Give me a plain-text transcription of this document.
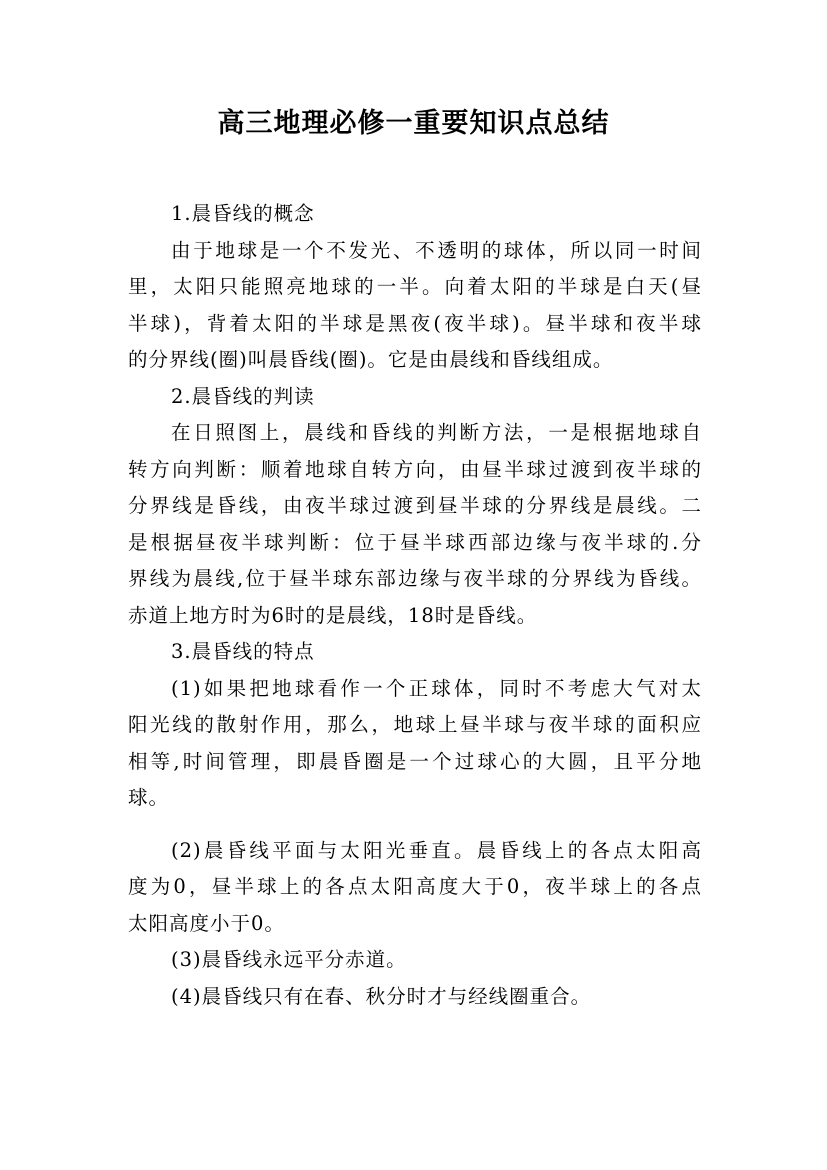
高三地理必修一重要知识点总结
1.晨昏线的概念
由于地球是一个不发光、不透明的球体，所以同一时间
里，太阳只能照亮地球的一半。向着太阳的半球是白天(昼
半球)，背着太阳的半球是黑夜(夜半球)。昼半球和夜半球
的分界线(圈)叫晨昏线(圈)。它是由晨线和昏线组成。
2.晨昏线的判读
在日照图上，晨线和昏线的判断方法，一是根据地球自
转方向判断：顺着地球自转方向，由昼半球过渡到夜半球的
分界线是昏线，由夜半球过渡到昼半球的分界线是晨线。二
是根据昼夜半球判断：位于昼半球西部边缘与夜半球的.分
界线为晨线,位于昼半球东部边缘与夜半球的分界线为昏线。
赤道上地方时为6时的是晨线，18时是昏线。
3.晨昏线的特点
(1)如果把地球看作一个正球体，同时不考虑大气对太
阳光线的散射作用，那么，地球上昼半球与夜半球的面积应
相等,时间管理，即晨昏圈是一个过球心的大圆，且平分地
球。
(2)晨昏线平面与太阳光垂直。晨昏线上的各点太阳高
度为0，昼半球上的各点太阳高度大于0，夜半球上的各点
太阳高度小于0。
(3)晨昏线永远平分赤道。
(4)晨昏线只有在春、秋分时才与经线圈重合。
